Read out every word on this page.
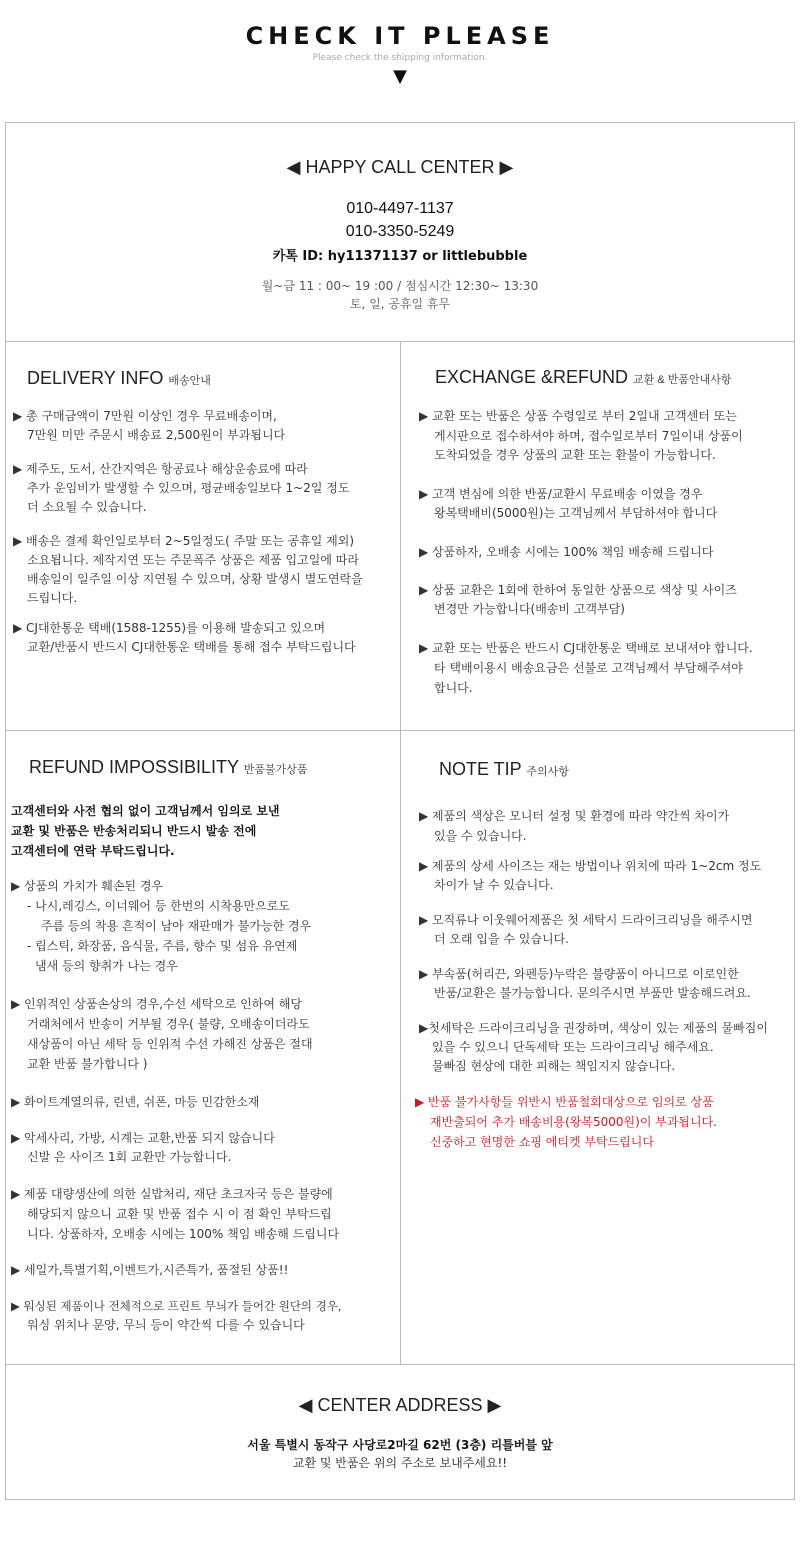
CHECK IT PLEASE
Please check the shipping information.
▼
◀ HAPPY CALL CENTER ▶
010-4497-1137
010-3350-5249
카톡 ID: hy11371137 or littlebubble
월~금 11 : 00~ 19 :00 / 점심시간 12:30~ 13:30
토, 일, 공휴일 휴무
DELIVERY INFO 배송안내
▶ 총 구매금액이 7만원 이상인 경우 무료배송이며,
7만원 미만 주문시 배송료 2,500원이 부과됩니다
▶ 제주도, 도서, 산간지역은 항공료나 해상운송료에 따라
추가 운임비가 발생할 수 있으며, 평균배송일보다 1~2일 정도
더 소요될 수 있습니다.
▶ 배송은 결제 확인일로부터 2~5일정도( 주말 또는 공휴일 제외)
소요됩니다. 제작지연 또는 주문폭주 상품은 제품 입고일에 따라
배송일이 일주일 이상 지연될 수 있으며, 상황 발생시 별도연락을
드립니다.
▶ CJ대한통운 택배(1588-1255)를 이용해 발송되고 있으며
교환/반품시 반드시 CJ대한통운 택배를 통해 접수 부탁드립니다
EXCHANGE &REFUND 교환 & 반품안내사항
▶ 교환 또는 반품은 상품 수령일로 부터 2일내 고객센터 또는
게시판으로 접수하셔야 하며, 접수일로부터 7일이내 상품이
도착되었을 경우 상품의 교환 또는 환불이 가능합니다.
▶ 고객 변심에 의한 반품/교환시 무료배송 이였을 경우
왕복택배비(5000원)는 고객님께서 부담하셔야 합니다
▶ 상품하자, 오배송 시에는 100% 책임 배송해 드립니다
▶ 상품 교환은 1회에 한하여 동일한 상품으로 색상 및 사이즈
변경만 가능합니다(배송비 고객부담)
▶ 교환 또는 반품은 반드시 CJ대한통운 택배로 보내셔야 합니다.
타 택배이용시 배송요금은 선불로 고객님께서 부담해주셔야
합니다.
REFUND IMPOSSIBILITY 반품불가상품
고객센터와 사전 협의 없이 고객님께서 임의로 보낸
교환 및 반품은 반송처리되니 반드시 발송 전에
고객센터에 연락 부탁드립니다.
▶ 상품의 가치가 훼손된 경우
- 나시,레깅스, 이너웨어 등 한번의 시착용만으로도
주름 등의 착용 흔적이 남아 재판매가 불가능한 경우
- 립스틱, 화장품, 음식물, 주름, 향수 및 섬유 유연제
냄새 등의 향취가 나는 경우
▶ 인위적인 상품손상의 경우,수선 세탁으로 인하여 해당
거래처에서 반송이 거부될 경우( 불량, 오배송이더라도
새상품이 아닌 세탁 등 인위적 수선 가해진 상품은 절대
교환 반품 불가합니다 )
▶ 화이트계열의류, 린넨, 쉬폰, 마등 민감한소재
▶ 악세사리, 가방, 시계는 교환,반품 되지 않습니다
신발 은 사이즈 1회 교환만 가능합니다.
▶ 제품 대량생산에 의한 실밥처리, 재단 초크자국 등은 불량에
해당되지 않으니 교환 및 반품 접수 시 이 점 확인 부탁드립
니다. 상품하자, 오배송 시에는 100% 책임 배송해 드립니다
▶ 세일가,특별기획,이벤트가,시즌특가, 품절된 상품!!
▶ 워싱된 제품이나 전체적으로 프린트 무늬가 들어간 원단의 경우,
워싱 위치나 문양, 무늬 등이 약간씩 다를 수 있습니다
NOTE TIP 주의사항
▶ 제품의 색상은 모니터 설정 및 환경에 따라 약간씩 차이가
있을 수 있습니다.
▶ 제품의 상세 사이즈는 재는 방법이나 위치에 따라 1~2cm 정도
차이가 날 수 있습니다.
▶ 모직류나 이웃웨어제품은 첫 세탁시 드라이크리닝을 해주시면
더 오래 입을 수 있습니다.
▶ 부속품(허리끈, 와펜등)누락은 불량품이 아니므로 이로인한
반품/교환은 불가능합니다. 문의주시면 부품만 발송해드려요.
▶첫세탁은 드라이크리닝을 권장하며, 색상이 있는 제품의 물빠짐이
있을 수 있으니 단독세탁 또는 드라이크리닝 해주세요.
물빠짐 현상에 대한 피해는 책임지지 않습니다.
▶ 반품 불가사항들 위반시 반품철회대상으로 임의로 상품
재반출되어 추가 배송비용(왕복5000원)이 부과됩니다.
신중하고 현명한 쇼핑 에티켓 부탁드립니다
◀ CENTER ADDRESS ▶
서울 특별시 동작구 사당로2마길 62번 (3층) 리틀버블 앞
교환 및 반품은 위의 주소로 보내주세요!!
